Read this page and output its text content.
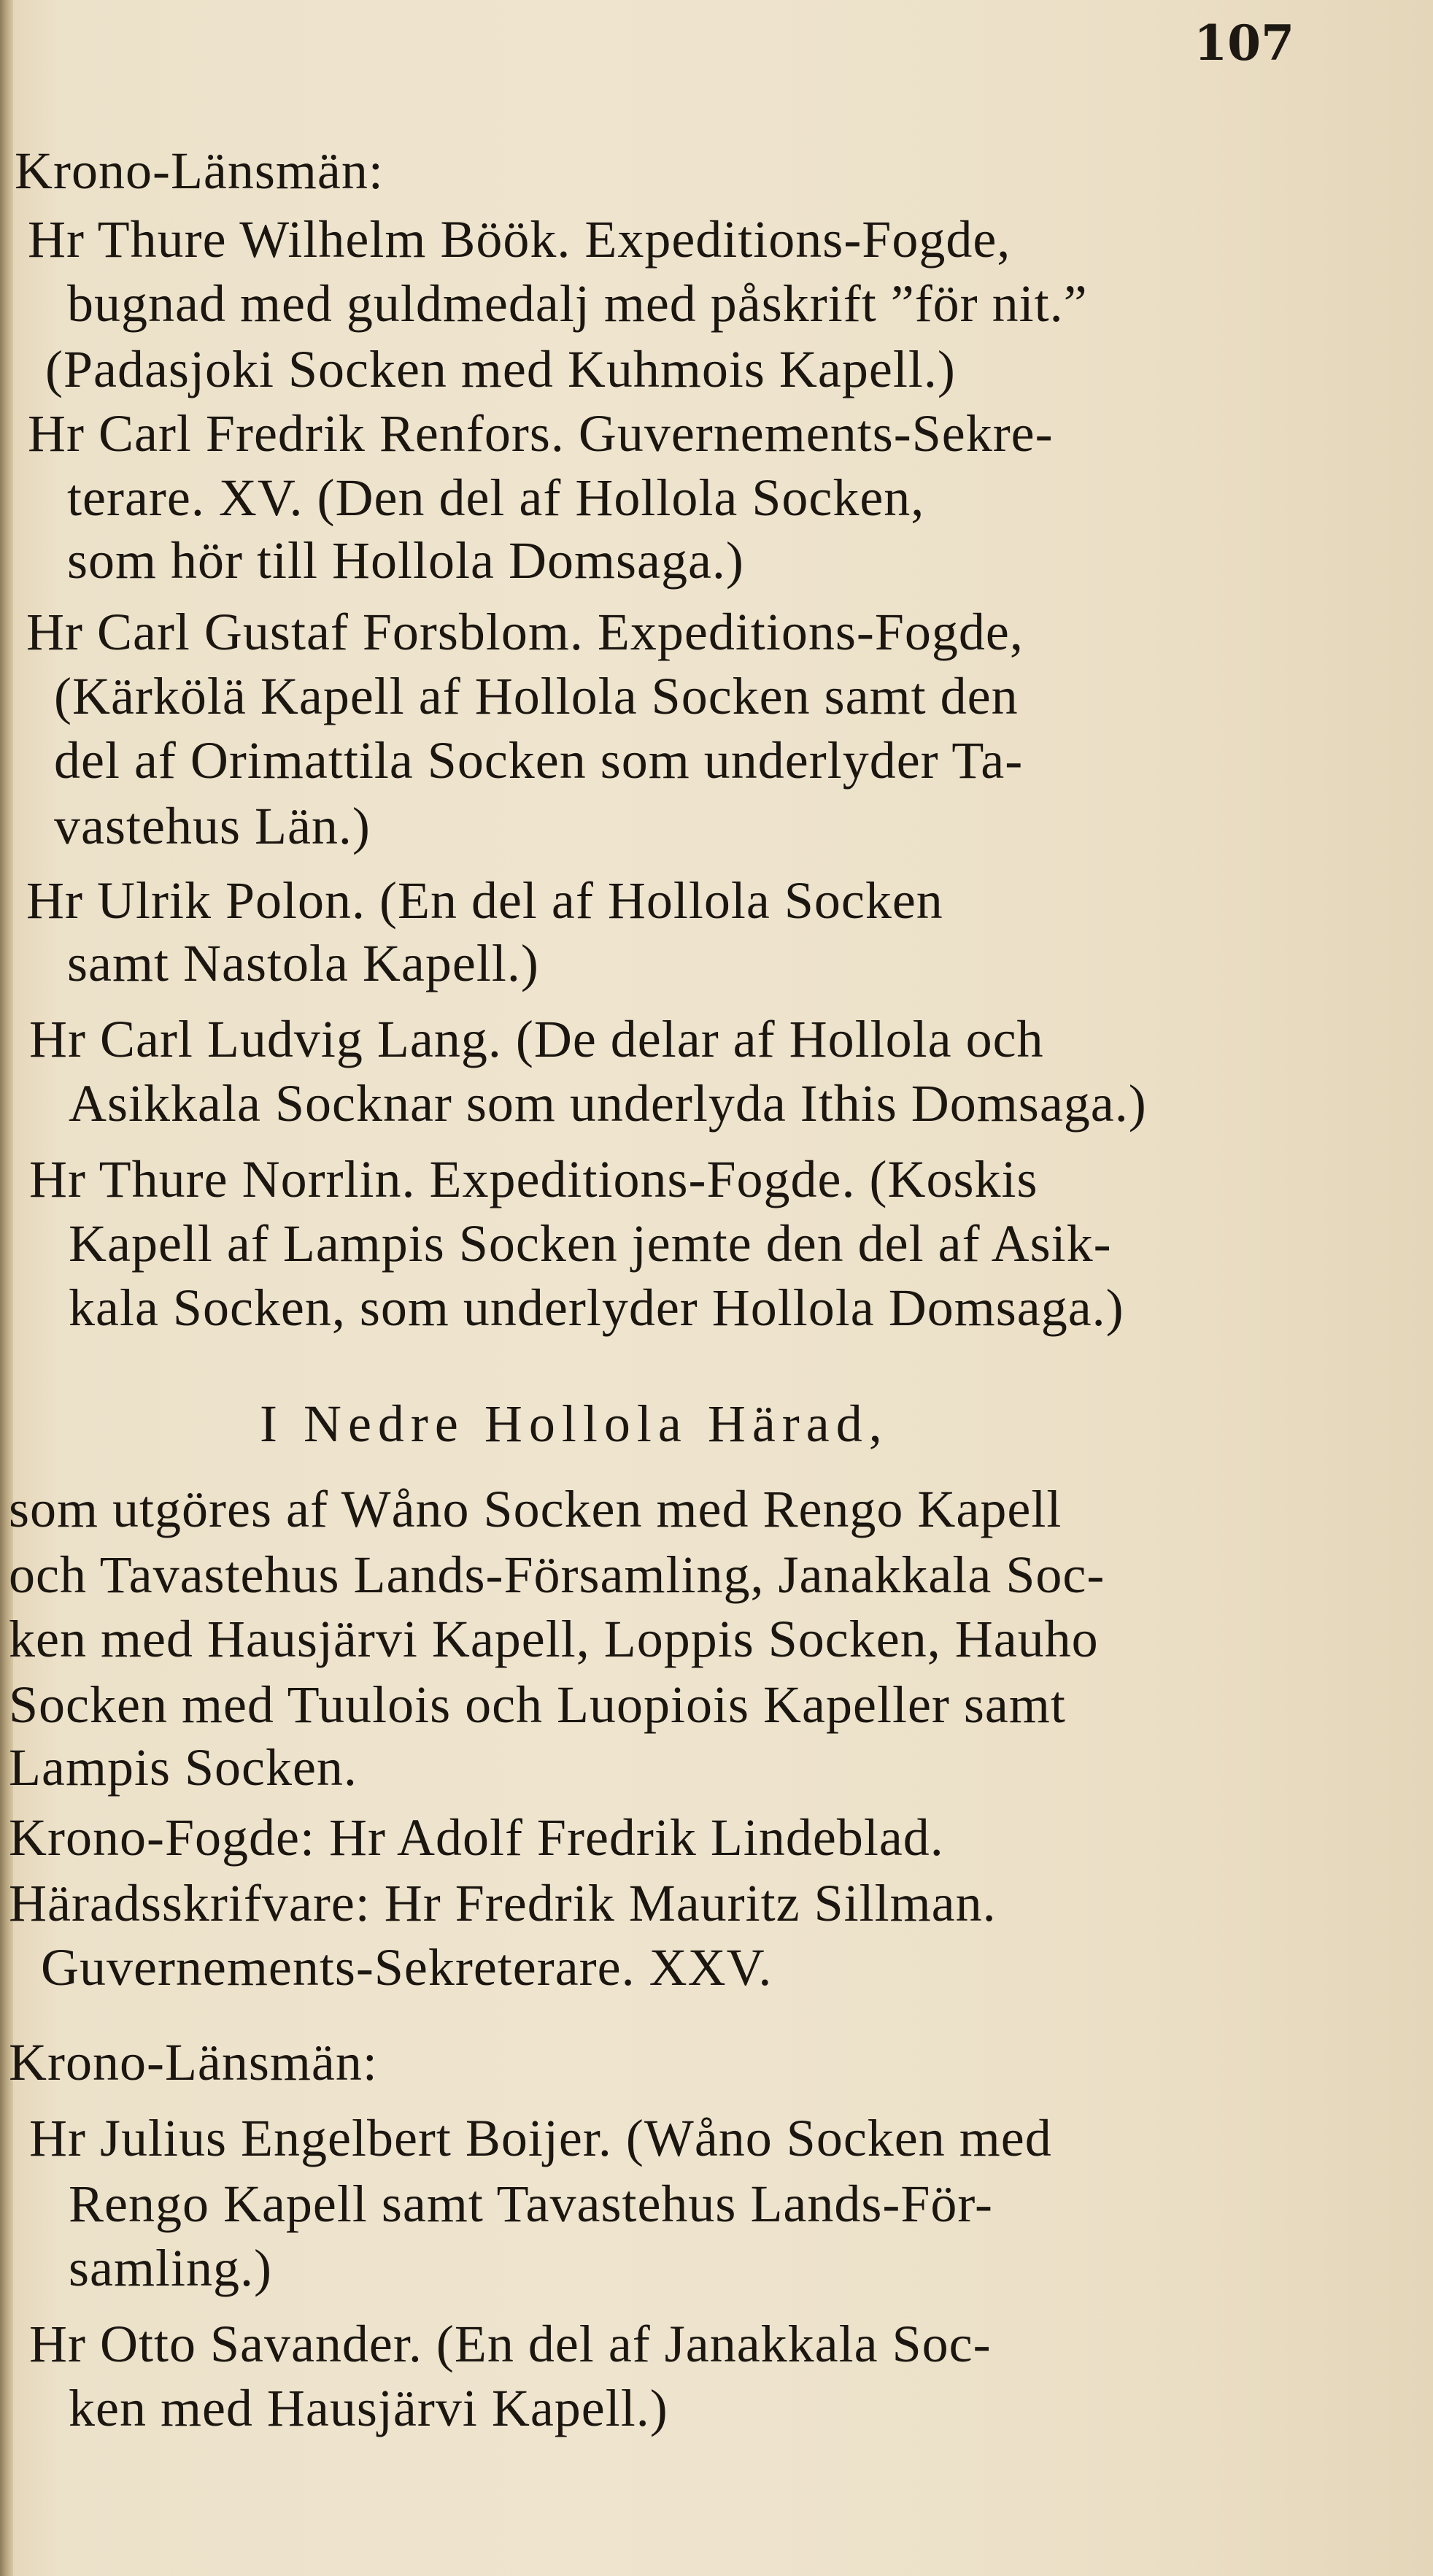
107
Krono-Länsmän:
Hr Thure Wilhelm Böök. Expeditions-Fogde,
bugnad med guldmedalj med påskrift ”för nit.”
(Padasjoki Socken med Kuhmois Kapell.)
Hr Carl Fredrik Renfors. Guvernements-Sekre-
terare. XV. (Den del af Hollola Socken,
som hör till Hollola Domsaga.)
Hr Carl Gustaf Forsblom. Expeditions-Fogde,
(Kärkölä Kapell af Hollola Socken samt den
del af Orimattila Socken som underlyder Ta-
vastehus Län.)
Hr Ulrik Polon. (En del af Hollola Socken
samt Nastola Kapell.)
Hr Carl Ludvig Lang. (De delar af Hollola och
Asikkala Socknar som underlyda Ithis Domsaga.)
Hr Thure Norrlin. Expeditions-Fogde. (Koskis
Kapell af Lampis Socken jemte den del af Asik-
kala Socken, som underlyder Hollola Domsaga.)
I Nedre Hollola Härad,
som utgöres af Wåno Socken med Rengo Kapell
och Tavastehus Lands-Församling, Janakkala Soc-
ken med Hausjärvi Kapell, Loppis Socken, Hauho
Socken med Tuulois och Luopiois Kapeller samt
Lampis Socken.
Krono-Fogde: Hr Adolf Fredrik Lindeblad.
Häradsskrifvare: Hr Fredrik Mauritz Sillman.
Guvernements-Sekreterare. XXV.
Krono-Länsmän:
Hr Julius Engelbert Boijer. (Wåno Socken med
Rengo Kapell samt Tavastehus Lands-För-
samling.)
Hr Otto Savander. (En del af Janakkala Soc-
ken med Hausjärvi Kapell.)
